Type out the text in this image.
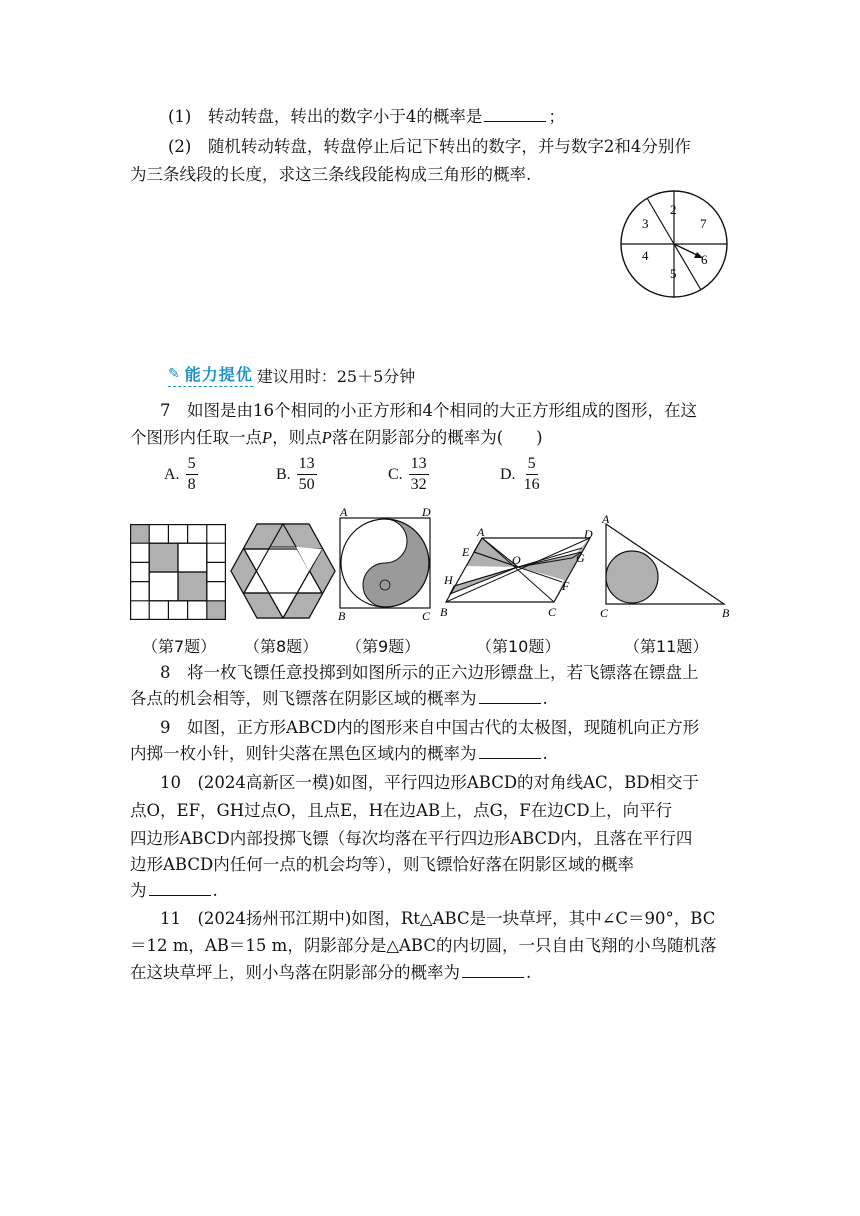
(1)　转动转盘，转出的数字小于4的概率是	；
(2)　随机转动转盘，转盘停止后记下转出的数字，并与数字2和4分别作
为三条线段的长度，求这三条线段能构成三角形的概率.
2
7
6
5
4
3
✎ 能力提优 建议用时：25＋5分钟
7　如图是由16个相同的小正方形和4个相同的大正方形组成的图形，在这
个图形内任取一点P，则点P落在阴影部分的概率为(　　)
A. $\frac{5}{8}$	B. $\frac{13}{50}$	C. $\frac{13}{32}$	D. $\frac{5}{16}$
A	D
B	C
A	D
E
O	G
H	F
B	C
A
C	B
（第7题） （第8题） （第9题）	（第10题）	（第11题）
8　将一枚飞镖任意投掷到如图所示的正六边形镖盘上，若飞镖落在镖盘上
各点的机会相等，则飞镖落在阴影区域的概率为	.
9　如图，正方形ABCD内的图形来自中国古代的太极图，现随机向正方形
内掷一枚小针，则针尖落在黑色区域内的概率为	.
10　(2024高新区一模)如图，平行四边形ABCD的对角线AC，BD相交于
点O，EF，GH过点O，且点E，H在边AB上，点G，F在边CD上，向平行
四边形ABCD内部投掷飞镖（每次均落在平行四边形ABCD内，且落在平行四
边形ABCD内任何一点的机会均等），则飞镖恰好落在阴影区域的概率
为	.
11　(2024扬州邗江期中)如图，Rt△ABC是一块草坪，其中∠C＝90°，BC
＝12 m，AB＝15 m，阴影部分是△ABC的内切圆，一只自由飞翔的小鸟随机落
在这块草坪上，则小鸟落在阴影部分的概率为	.
